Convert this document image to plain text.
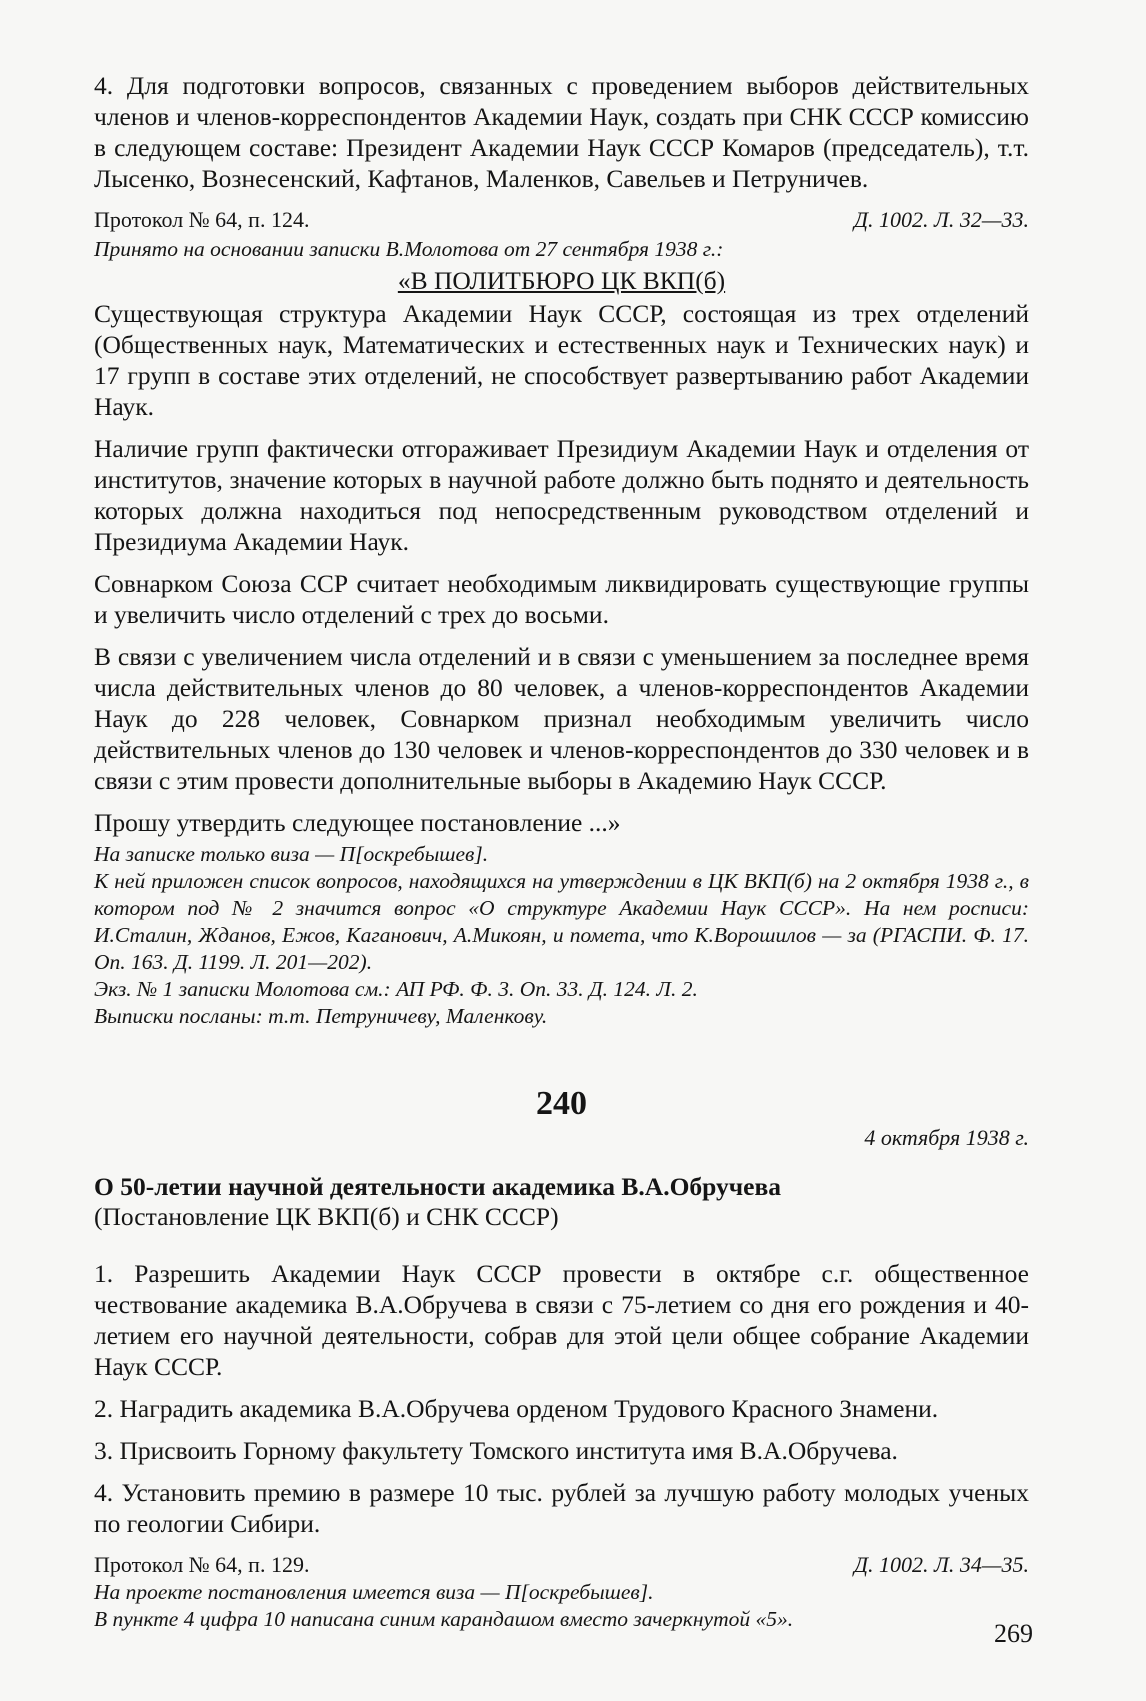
4. Для подготовки вопросов, связанных с проведением выборов действительных членов и членов-корреспондентов Академии Наук, создать при СНК СССР комиссию в следующем составе: Президент Академии Наук СССР Комаров (председатель), т.т. Лысенко, Вознесенский, Кафтанов, Маленков, Савельев и Петруничев.

Протокол № 64, п. 124.	Д. 1002. Л. 32—33.

Принято на основании записки В.Молотова от 27 сентября 1938 г.:

«В ПОЛИТБЮРО ЦК ВКП(б)

Существующая структура Академии Наук СССР, состоящая из трех отделений (Общественных наук, Математических и естественных наук и Технических наук) и 17 групп в составе этих отделений, не способствует развертыванию работ Академии Наук.

Наличие групп фактически отгораживает Президиум Академии Наук и отделения от институтов, значение которых в научной работе должно быть поднято и деятельность которых должна находиться под непосредственным руководством отделений и Президиума Академии Наук.

Совнарком Союза ССР считает необходимым ликвидировать существующие группы и увеличить число отделений с трех до восьми.

В связи с увеличением числа отделений и в связи с уменьшением за последнее время числа действительных членов до 80 человек, а членов-корреспондентов Академии Наук до 228 человек, Совнарком признал необходимым увеличить число действительных членов до 130 человек и членов-корреспондентов до 330 человек и в связи с этим провести дополнительные выборы в Академию Наук СССР.

Прошу утвердить следующее постановление ...»

На записке только виза — П[оскребышев].

К ней приложен список вопросов, находящихся на утверждении в ЦК ВКП(б) на 2 октября 1938 г., в котором под № 2 значится вопрос «О структуре Академии Наук СССР». На нем росписи: И.Сталин, Жданов, Ежов, Каганович, А.Микоян, и помета, что К.Ворошилов — за (РГАСПИ. Ф. 17. Оп. 163. Д. 1199. Л. 201—202).

Экз. № 1 записки Молотова см.: АП РФ. Ф. 3. Оп. 33. Д. 124. Л. 2.

Выписки посланы: т.т. Петруничеву, Маленкову.

240
4 октября 1938 г.
О 50-летии научной деятельности академика В.А.Обручева
(Постановление ЦК ВКП(б) и СНК СССР)

1. Разрешить Академии Наук СССР провести в октябре с.г. общественное чествование академика В.А.Обручева в связи с 75-летием со дня его рождения и 40-летием его научной деятельности, собрав для этой цели общее собрание Академии Наук СССР.

2. Наградить академика В.А.Обручева орденом Трудового Красного Знамени.

3. Присвоить Горному факультету Томского института имя В.А.Обручева.

4. Установить премию в размере 10 тыс. рублей за лучшую работу молодых ученых по геологии Сибири.

Протокол № 64, п. 129.	Д. 1002. Л. 34—35.

На проекте постановления имеется виза — П[оскребышев].

В пункте 4 цифра 10 написана синим карандашом вместо зачеркнутой «5».	269
